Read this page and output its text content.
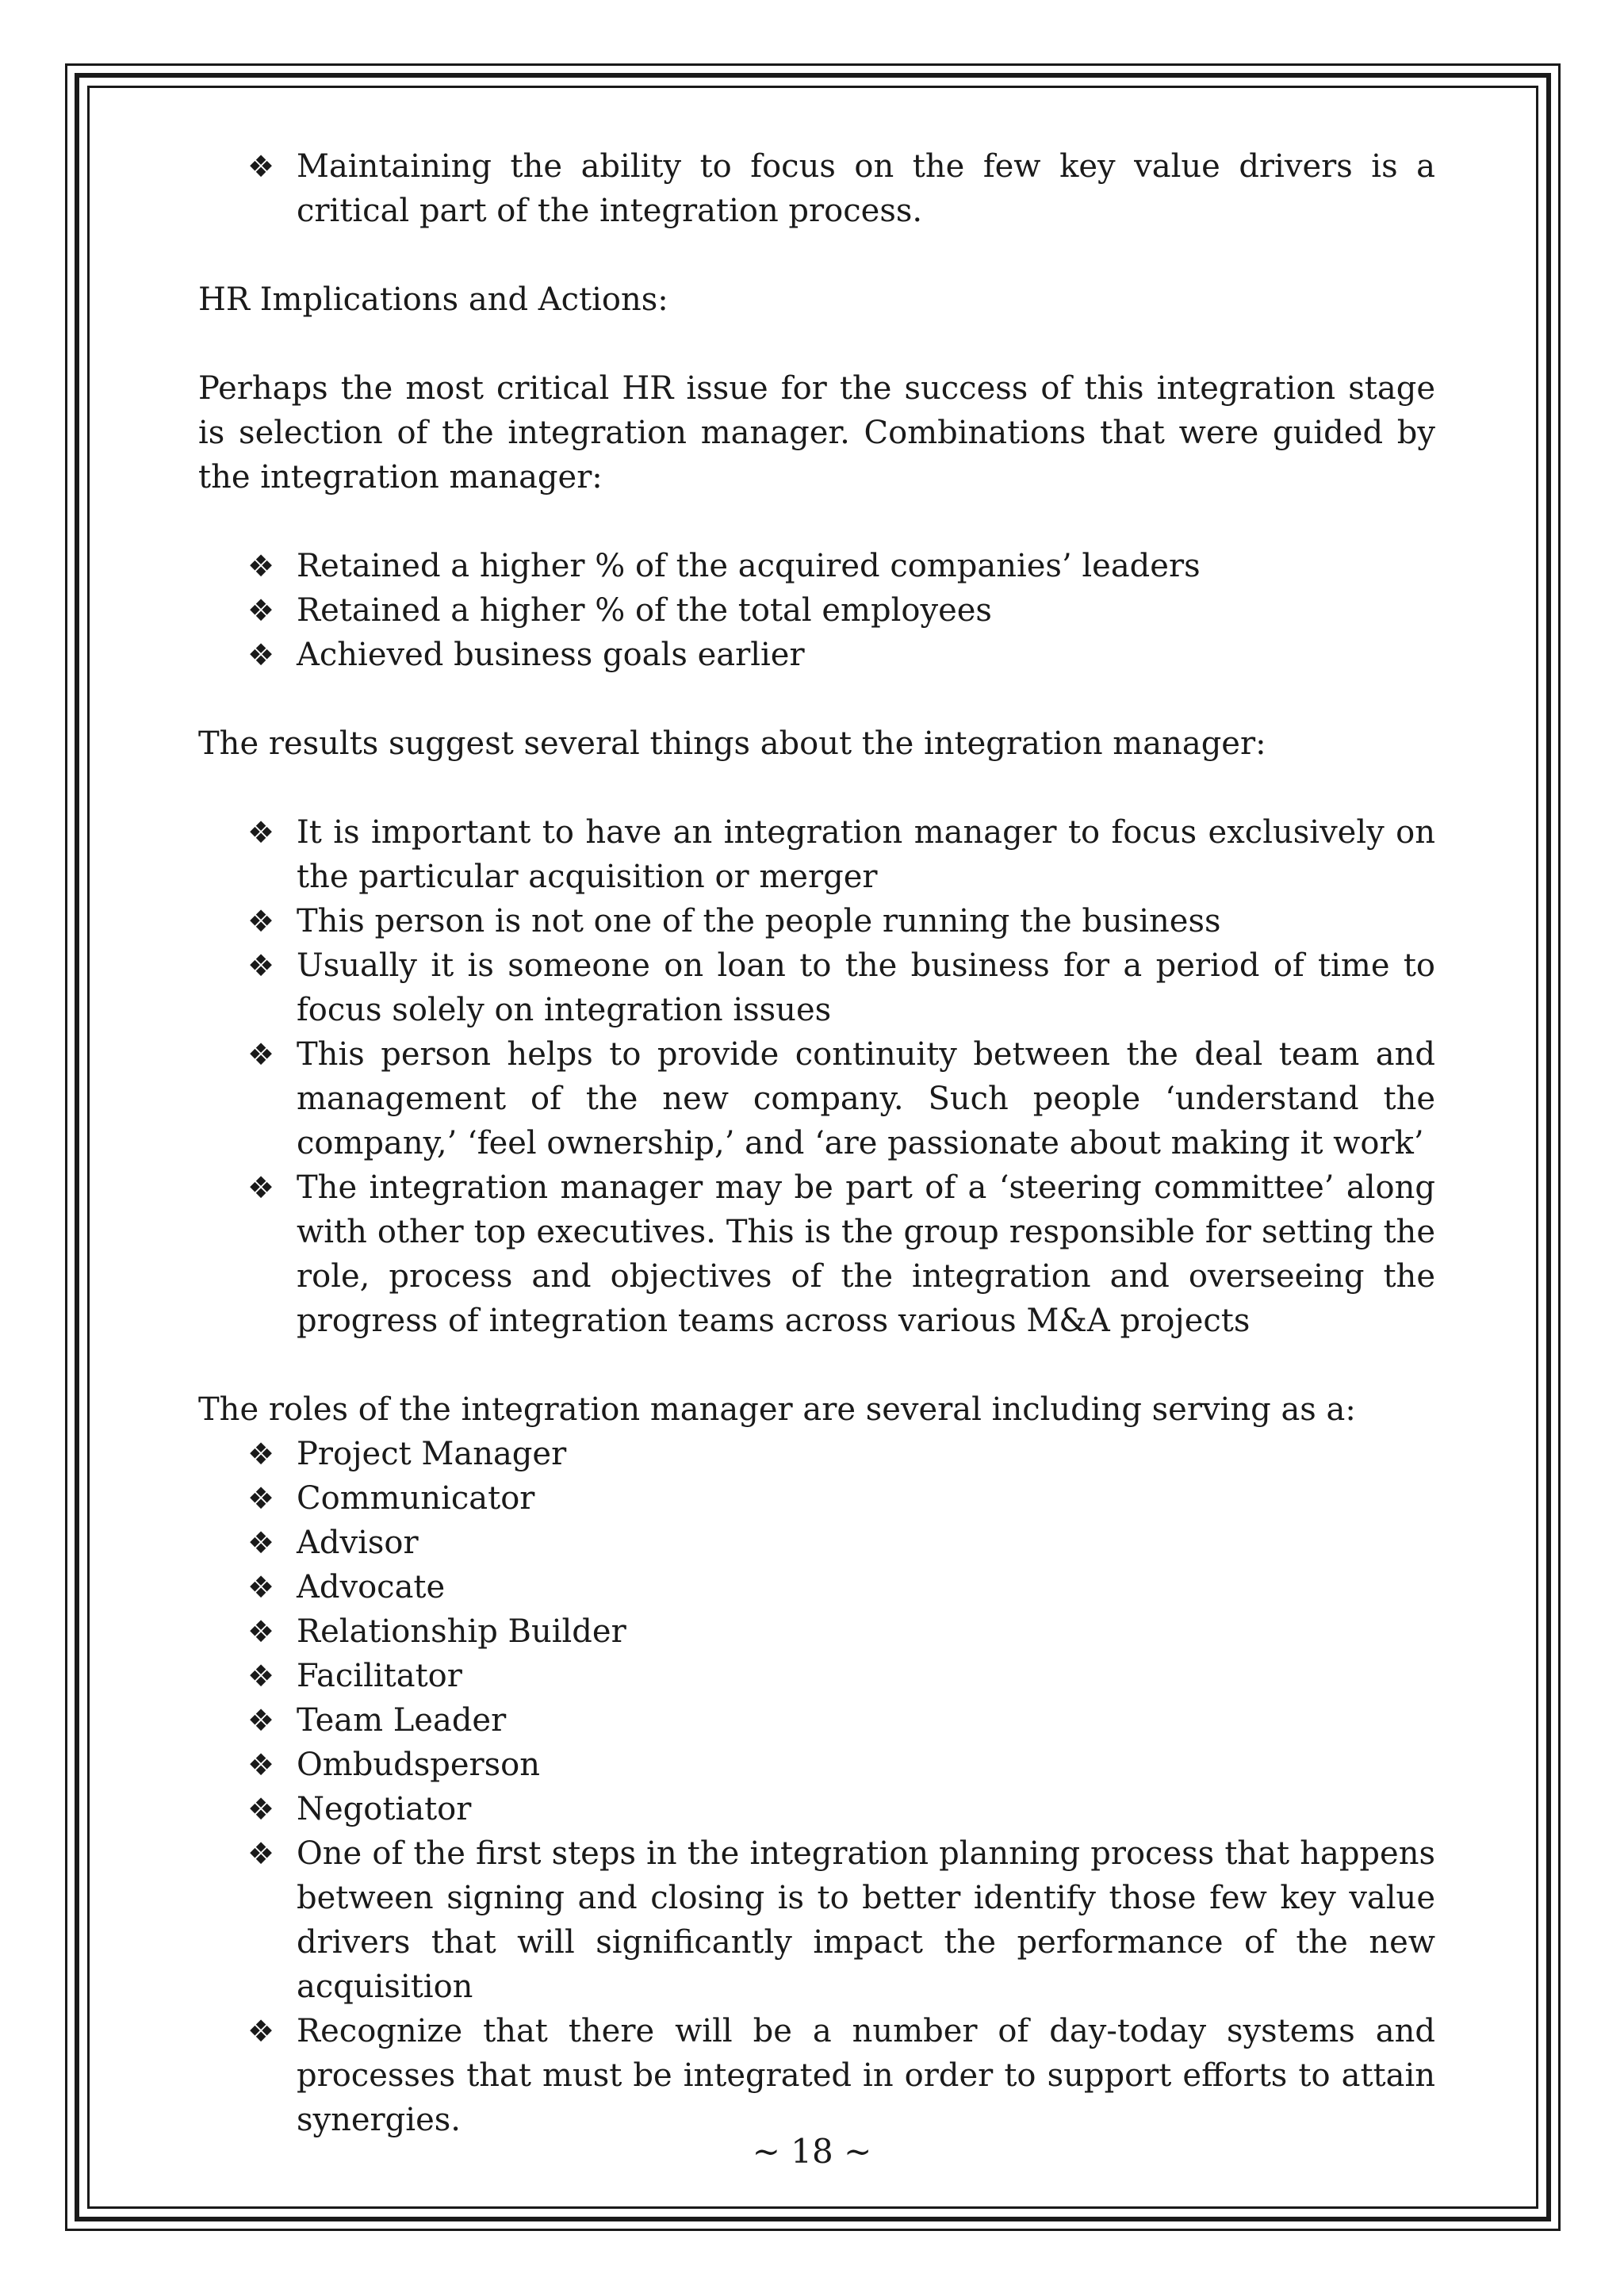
❖ Maintaining the ability to focus on the few key value drivers is a critical part of the integration process.

HR Implications and Actions:

Perhaps the most critical HR issue for the success of this integration stage is selection of the integration manager. Combinations that were guided by the integration manager:

❖ Retained a higher % of the acquired companies’ leaders
❖ Retained a higher % of the total employees
❖ Achieved business goals earlier

The results suggest several things about the integration manager:

❖ It is important to have an integration manager to focus exclusively on the particular acquisition or merger
❖ This person is not one of the people running the business
❖ Usually it is someone on loan to the business for a period of time to focus solely on integration issues
❖ This person helps to provide continuity between the deal team and management of the new company. Such people ‘understand the company,’ ‘feel ownership,’ and ‘are passionate about making it work’
❖ The integration manager may be part of a ‘steering committee’ along with other top executives. This is the group responsible for setting the role, process and objectives of the integration and overseeing the progress of integration teams across various M&A projects

The roles of the integration manager are several including serving as a:

❖ Project Manager
❖ Communicator
❖ Advisor
❖ Advocate
❖ Relationship Builder
❖ Facilitator
❖ Team Leader
❖ Ombudsperson
❖ Negotiator
❖ One of the first steps in the integration planning process that happens between signing and closing is to better identify those few key value drivers that will significantly impact the performance of the new acquisition
❖ Recognize that there will be a number of day-today systems and processes that must be integrated in order to support efforts to attain synergies.
~ 18 ~
